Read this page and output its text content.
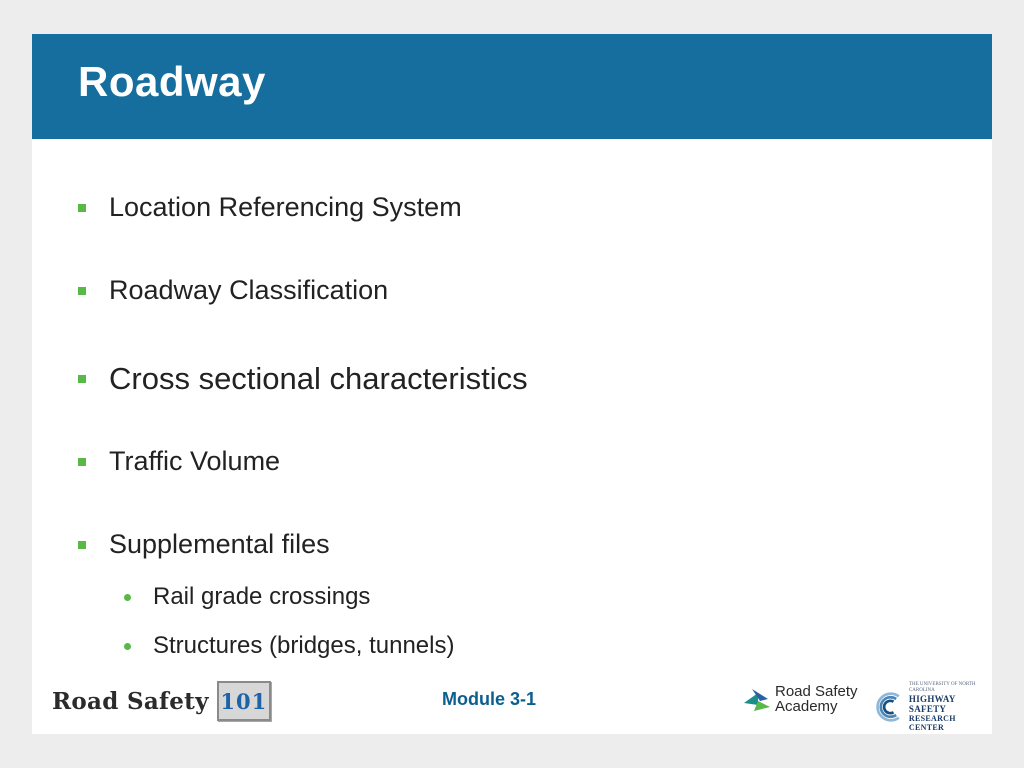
Roadway
Location Referencing System
Roadway Classification
Cross sectional characteristics
Traffic Volume
Supplemental files
Rail grade crossings
Structures (bridges, tunnels)
Road Safety 101	Module 3-1	Road Safety
Academy
THE UNIVERSITY OF NORTH CAROLINA
HIGHWAY SAFETY
RESEARCH CENTER
